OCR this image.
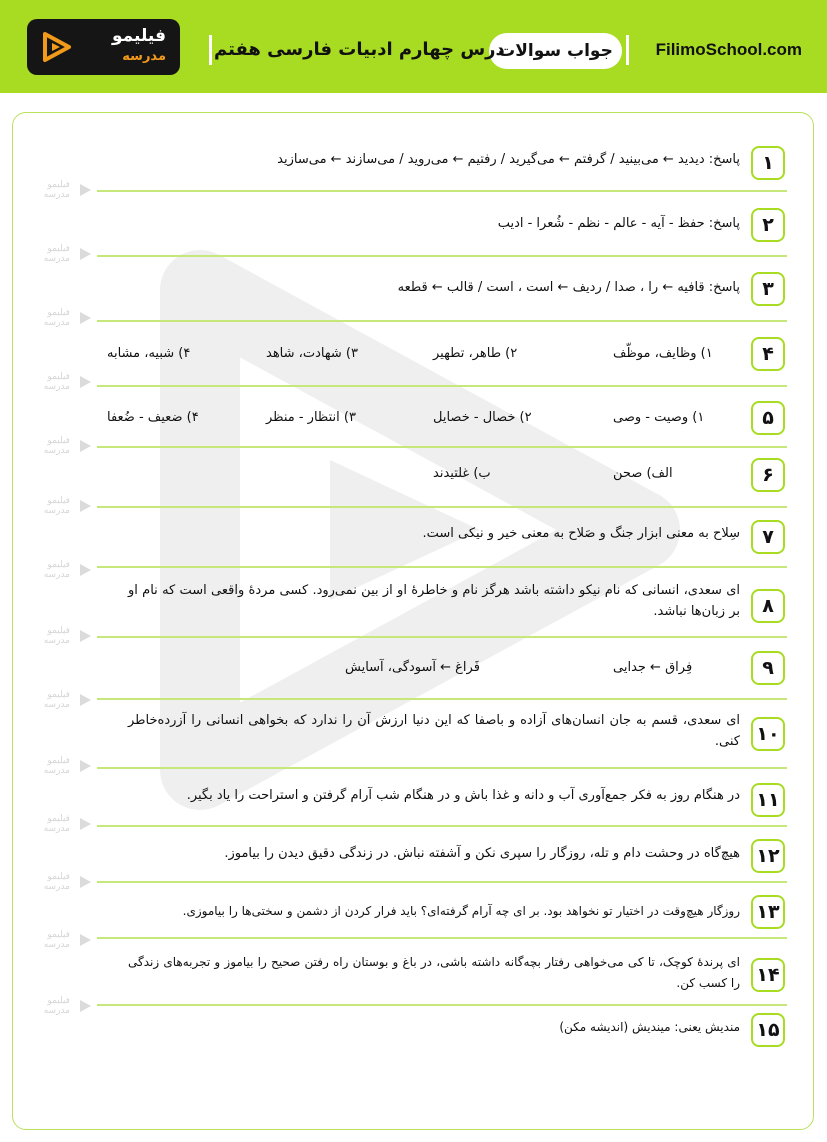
فیلیمو
مدرسه	FilimoSchool.com
جواب سوالات
درس چهارم ادبیات فارسی هفتم
فیلیمو
مدرسه
فیلیمو
مدرسه
فیلیمو
مدرسه
فیلیمو
مدرسه
فیلیمو
مدرسه
فیلیمو
مدرسه
فیلیمو
مدرسه
فیلیمو
مدرسه
فیلیمو
مدرسه
فیلیمو
مدرسه
فیلیمو
مدرسه
فیلیمو
مدرسه
فیلیمو
مدرسه
فیلیمو
مدرسه
۱
پاسخ: دیدید ← می‌بینید / گرفتم ← می‌گیرید / رفتیم ← می‌روید / می‌سازند ← می‌سازید
۲
پاسخ: حفظ - آیه - عالم - نظم - شُعرا - ادیب
۳
پاسخ: قافیه ← را ، صدا / ردیف ← است ، است / قالب ← قطعه
۴
۱) وظایف، موظّف
۲) طاهر، تطهیر
۳) شهادت، شاهد
۴) شبیه، مشابه
۵
۱) وصیت - وصی
۲) خصال - خصایل
۳) انتظار - منظر
۴) ضعیف - ضُعفا
۶
الف) صحن
ب) غلتیدند
۷
سِلاح به معنی ابزار جنگ و صَلاح به معنی خیر و نیکی است.
۸
ای سعدی، انسانی که نام نیکو داشته باشد هرگز نام و خاطرهٔ او از بین نمی‌رود. کسی مردهٔ واقعی است که نام او بر زبان‌ها نباشد.
۹
فِراق ← جدایی
فَراغ ← آسودگی، آسایش
۱۰
ای سعدی، قسم به جان انسان‌های آزاده و باصفا که این دنیا ارزش آن را ندارد که بخواهی انسانی را آزرده‌خاطر کنی.
۱۱
در هنگام روز به فکر جمع‌آوری آب و دانه و غذا باش و در هنگام شب آرام گرفتن و استراحت را یاد بگیر.
۱۲
هیچ‌گاه در وحشت دام و تله، روزگار را سپری نکن و آشفته نباش. در زندگی دقیق دیدن را بیاموز.
۱۳
روزگار هیچ‌وقت در اختیار تو نخواهد بود. بر ای چه آرام گرفته‌ای؟ باید فرار کردن از دشمن و سختی‌ها را بیاموزی.
۱۴
ای پرندهٔ کوچک، تا کی می‌خواهی رفتار بچه‌گانه داشته باشی، در باغ و بوستان راه رفتن صحیح را بیاموز و تجربه‌های زندگی را کسب کن.
۱۵
مندیش یعنی: میندیش (اندیشه مکن)
